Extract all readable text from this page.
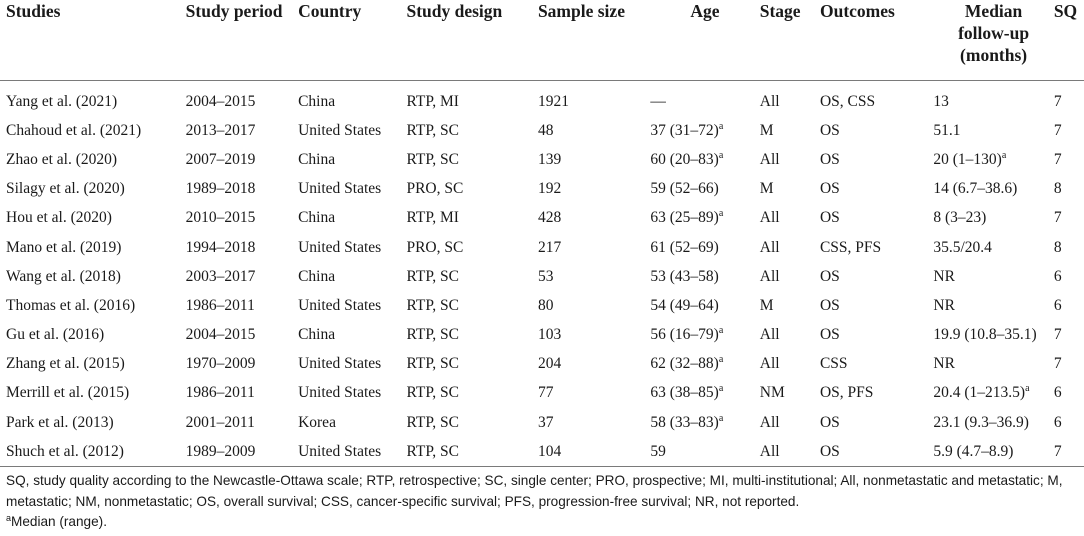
Studies	Study period	Country	Study design	Sample size	Age	Stage	Outcomes	Median
follow-up
(months)	SQ
Yang et al. (2021)	2004–2015	China	RTP, MI	1921	—	All	OS, CSS	13	7
Chahoud et al. (2021)	2013–2017	United States	RTP, SC	48	37 $(31-72)^a$	M	OS	51.1	7
Zhao et al. (2020)	2007–2019	China	RTP, SC	139	60 $(20-83)^a$	All	OS	20 $(1-130)^a$	7
Silagy et al. (2020)	1989–2018	United States	PRO, SC	192	59 (52–66)	M	OS	14 (6.7–38.6)	8
Hou et al. (2020)	2010–2015	China	RTP, MI	428	63 $(25-89)^a$	All	OS	8 (3–23)	7
Mano et al. (2019)	1994–2018	United States	PRO, SC	217	61 (52–69)	All	CSS, PFS	35.5/20.4	8
Wang et al. (2018)	2003–2017	China	RTP, SC	53	53 (43–58)	All	OS	NR	6
Thomas et al. (2016)	1986–2011	United States	RTP, SC	80	54 (49–64)	M	OS	NR	6
Gu et al. (2016)	2004–2015	China	RTP, SC	103	56 $(16-79)^a$	All	OS	19.9 (10.8–35.1)	7
Zhang et al. (2015)	1970–2009	United States	RTP, SC	204	62 $(32-88)^a$	All	CSS	NR	7
Merrill et al. (2015)	1986–2011	United States	RTP, SC	77	63 $(38-85)^a$	NM	OS, PFS	20.4 $(1-213.5)^a$	6
Park et al. (2013)	2001–2011	Korea	RTP, SC	37	58 $(33-83)^a$	All	OS	23.1 (9.3–36.9)	6
Shuch et al. (2012)	1989–2009	United States	RTP, SC	104	59	All	OS	5.9 (4.7–8.9)	7
SQ, study quality according to the Newcastle-Ottawa scale; RTP, retrospective; SC, single center; PRO, prospective; MI, multi-institutional; All, nonmetastatic and metastatic; M, metastatic; NM, nonmetastatic; OS, overall survival; CSS, cancer-specific survival; PFS, progression-free survival; NR, not reported.
$^a$Median (range).
